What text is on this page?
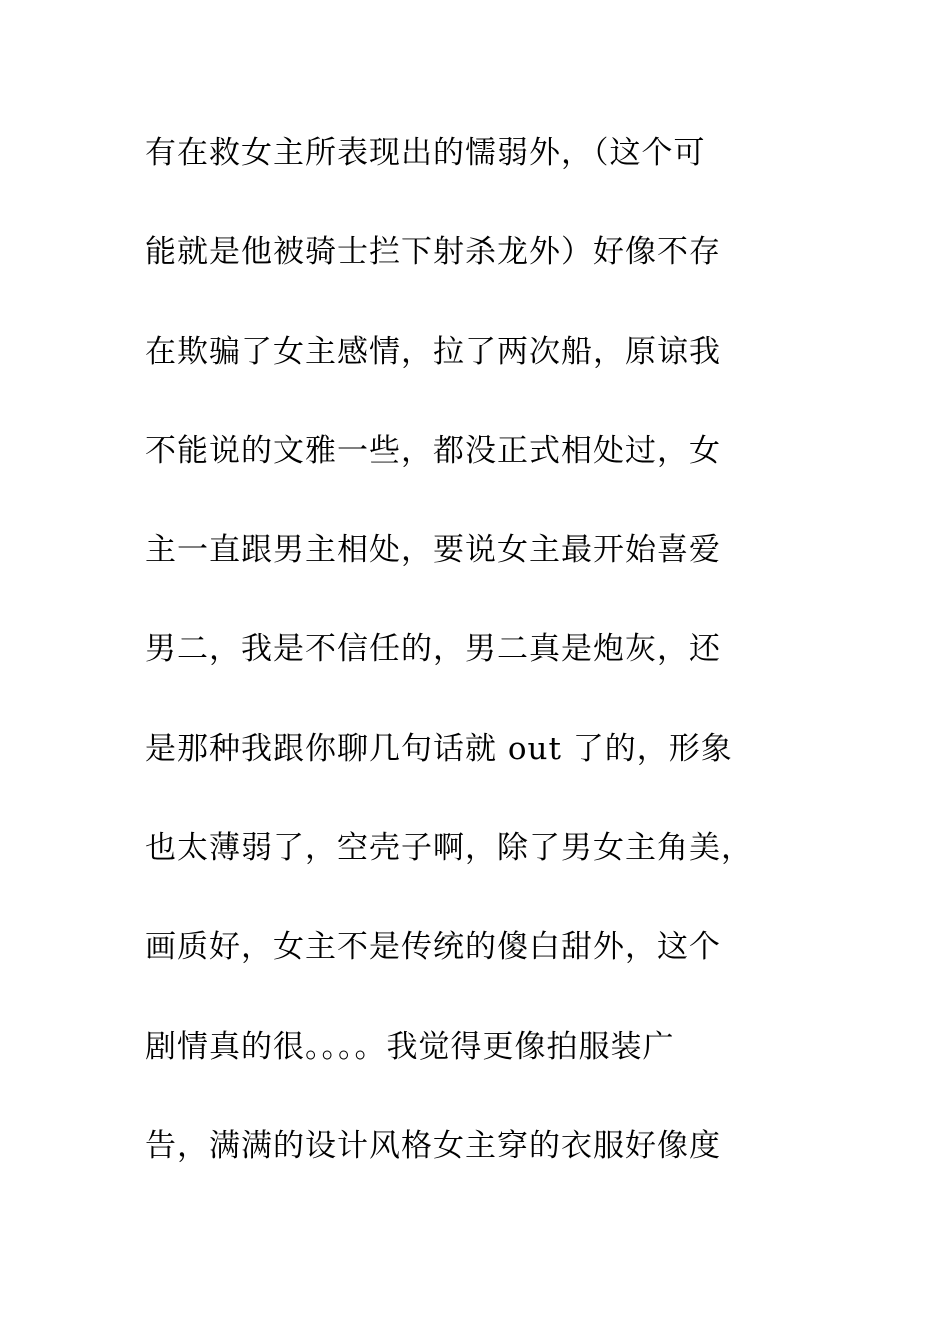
有在救女主所表现出的懦弱外，（这个可
能就是他被骑士拦下射杀龙外）好像不存
在欺骗了女主感情，拉了两次船，原谅我
不能说的文雅一些，都没正式相处过，女
主一直跟男主相处，要说女主最开始喜爱
男二，我是不信任的，男二真是炮灰，还
是那种我跟你聊几句话就 out 了的，形象
也太薄弱了，空壳子啊，除了男女主角美，
画质好，女主不是传统的傻白甜外，这个
剧情真的很。。。。我觉得更像拍服装广
告，满满的设计风格女主穿的衣服好像度
